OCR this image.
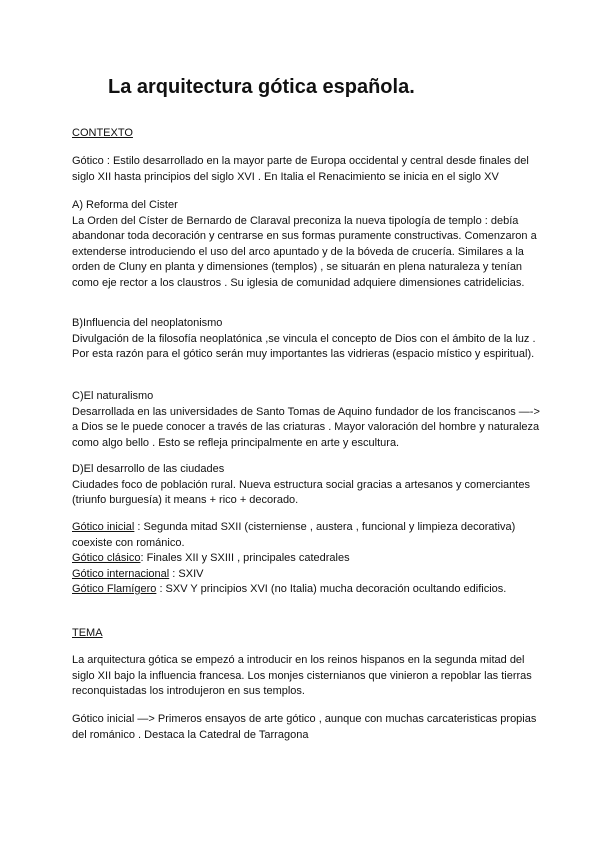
La arquitectura gótica española.

CONTEXTO

Gótico : Estilo desarrollado en la mayor parte de Europa occidental y central desde finales del siglo XII hasta principios del siglo XVI . En Italia el Renacimiento se inicia en el siglo XV

A) Reforma del Cister

La Orden del Císter de Bernardo de Claraval preconiza la nueva tipología de templo : debía abandonar toda decoración y centrarse en sus formas puramente constructivas. Comenzaron a extenderse introduciendo el uso del arco apuntado y de la bóveda de crucería. Similares a la orden de Cluny en planta y dimensiones (templos) , se situarán en plena naturaleza y tenían como eje rector a los claustros . Su iglesia de comunidad adquiere dimensiones catridelicias.

B)Influencia del neoplatonismo

Divulgación de la filosofía neoplatónica ,se vincula el concepto de Dios con el ámbito de la luz . Por esta razón para el gótico serán muy importantes las vidrieras (espacio místico y espiritual).

C)El naturalismo

Desarrollada en las universidades de Santo Tomas de Aquino fundador de los franciscanos —-> a Dios se le puede conocer a través de las criaturas . Mayor valoración del hombre y naturaleza como algo bello . Esto se refleja principalmente en arte y escultura.

D)El desarrollo de las ciudades

Ciudades foco de población rural. Nueva estructura social gracias a artesanos y comerciantes (triunfo burguesía) it means + rico + decorado.

Gótico inicial : Segunda mitad SXII (cisterniense , austera , funcional y limpieza decorativa) coexiste con románico.

Gótico clásico: Finales XII y SXIII , principales catedrales

Gótico internacional : SXIV

Gótico Flamígero : SXV Y principios XVI (no Italia) mucha decoración ocultando edificios.

TEMA

La arquitectura gótica se empezó a introducir en los reinos hispanos en la segunda mitad del siglo XII bajo la influencia francesa. Los monjes cisternianos que vinieron a repoblar las tierras reconquistadas los introdujeron en sus templos.

Gótico inicial —> Primeros ensayos de arte gótico , aunque con muchas carcateristicas propias del románico . Destaca la Catedral de Tarragona
